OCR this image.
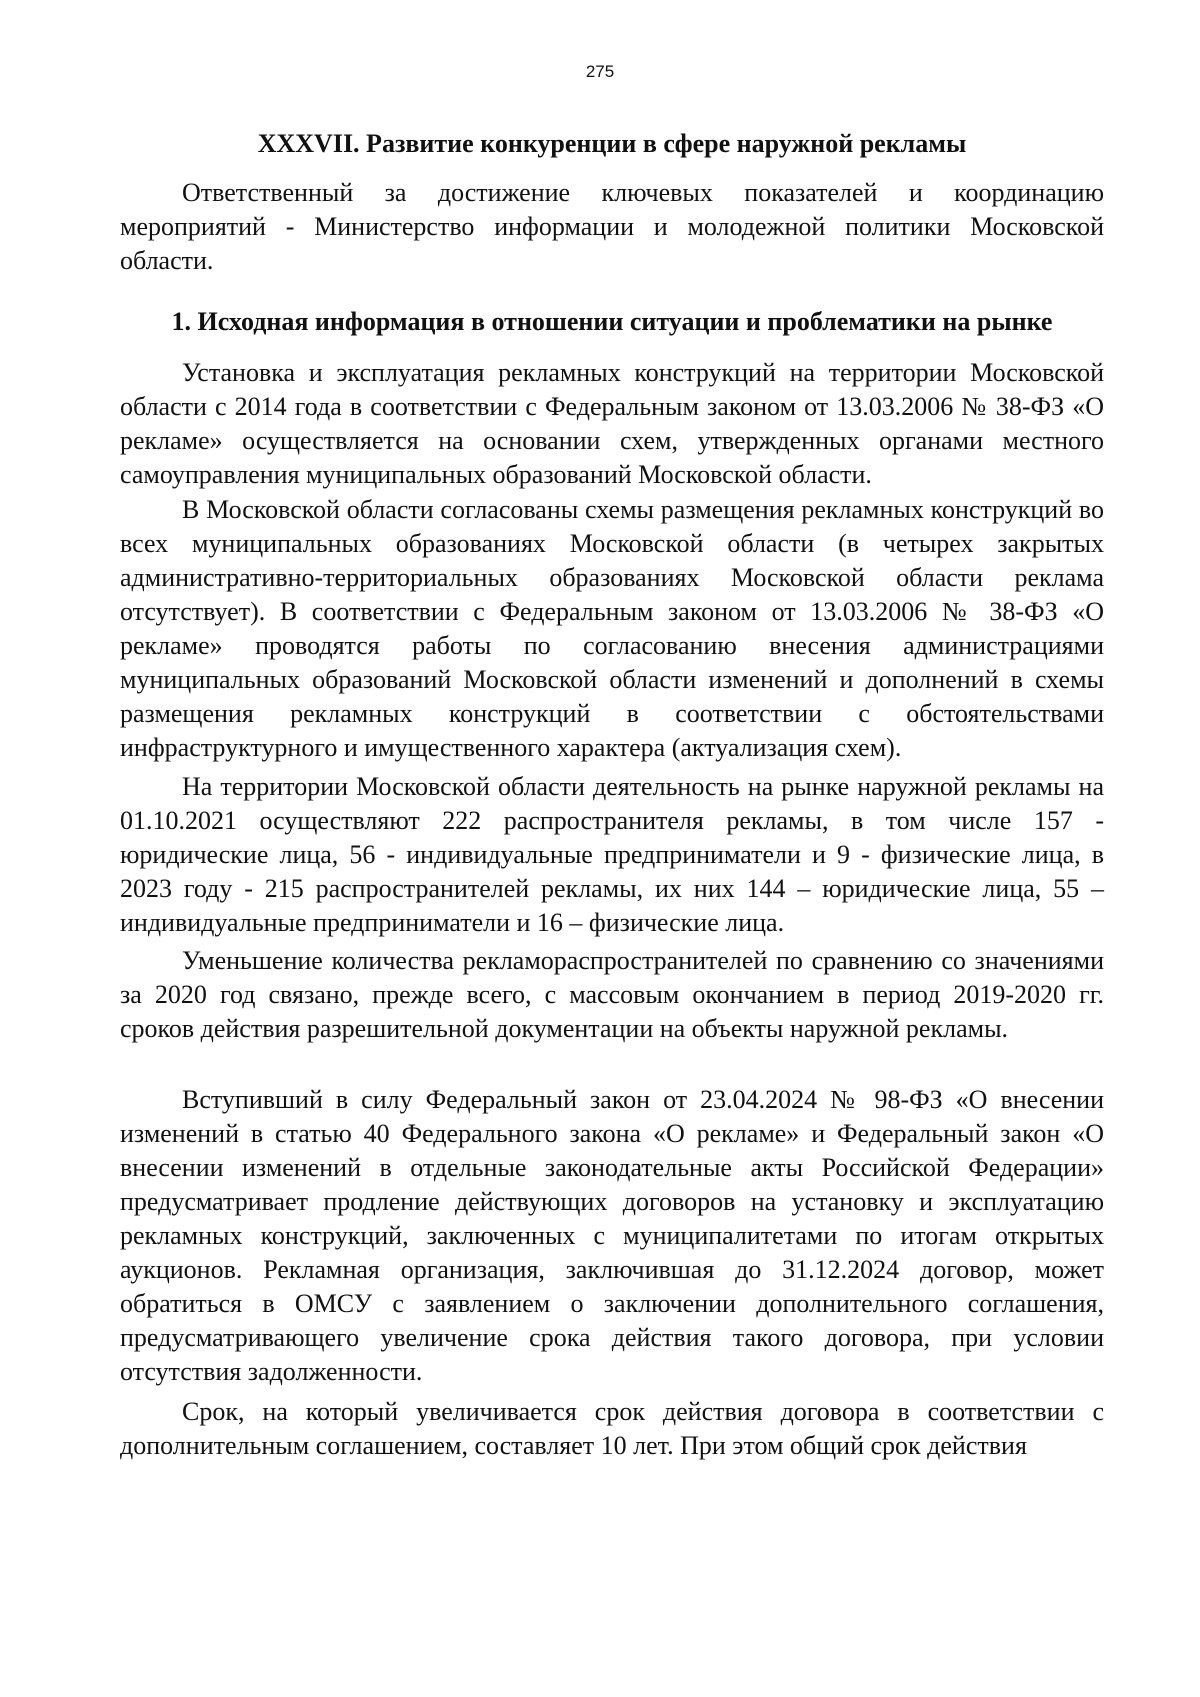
275
XXXVII. Развитие конкуренции в сфере наружной рекламы

Ответственный за достижение ключевых показателей и координацию мероприятий - Министерство информации и молодежной политики Московской области.

1. Исходная информация в отношении ситуации и проблематики на рынке

Установка и эксплуатация рекламных конструкций на территории Московской области с 2014 года в соответствии с Федеральным законом от 13.03.2006 № 38-ФЗ «О рекламе» осуществляется на основании схем, утвержденных органами местного самоуправления муниципальных образований Московской области.

В Московской области согласованы схемы размещения рекламных конструкций во всех муниципальных образованиях Московской области (в четырех закрытых административно-территориальных образованиях Московской области реклама отсутствует). В соответствии с Федеральным законом от 13.03.2006 № 38-ФЗ «О рекламе» проводятся работы по согласованию внесения администрациями муниципальных образований Московской области изменений и дополнений в схемы размещения рекламных конструкций в соответствии с обстоятельствами инфраструктурного и имущественного характера (актуализация схем).

На территории Московской области деятельность на рынке наружной рекламы на 01.10.2021 осуществляют 222 распространителя рекламы, в том числе 157 - юридические лица, 56 - индивидуальные предприниматели и 9 - физические лица, в 2023 году - 215 распространителей рекламы, их них 144 – юридические лица, 55 – индивидуальные предприниматели и 16 – физические лица.

Уменьшение количества рекламораспространителей по сравнению со значениями за 2020 год связано, прежде всего, с массовым окончанием в период 2019-2020 гг. сроков действия разрешительной документации на объекты наружной рекламы.

Вступивший в силу Федеральный закон от 23.04.2024 № 98-ФЗ «О внесении изменений в статью 40 Федерального закона «О рекламе» и Федеральный закон «О внесении изменений в отдельные законодательные акты Российской Федерации» предусматривает продление действующих договоров на установку и эксплуатацию рекламных конструкций, заключенных с муниципалитетами по итогам открытых аукционов. Рекламная организация, заключившая до 31.12.2024 договор, может обратиться в ОМСУ с заявлением о заключении дополнительного соглашения, предусматривающего увеличение срока действия такого договора, при условии отсутствия задолженности.

Срок, на который увеличивается срок действия договора в соответствии с дополнительным соглашением, составляет 10 лет. При этом общий срок действия
